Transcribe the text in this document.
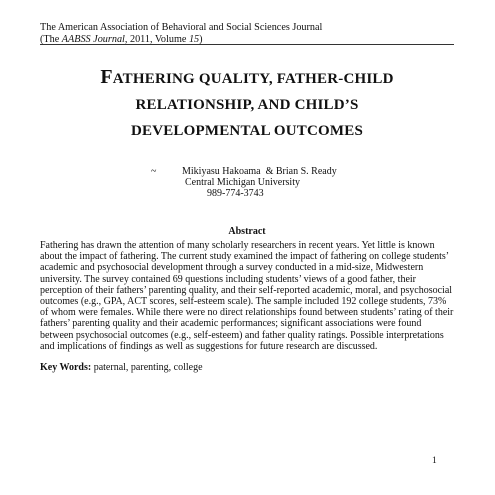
The American Association of Behavioral and Social Sciences Journal
(The AABSS Journal, 2011, Volume 15)
FATHERING QUALITY, FATHER-CHILD
RELATIONSHIP, AND CHILD’S
DEVELOPMENTAL OUTCOMES
~	Mikiyasu Hakoama & Brian S. Ready
Central Michigan University
989-774-3743
Abstract
Fathering has drawn the attention of many scholarly researchers in recent years. Yet little is known about the impact of fathering. The current study examined the impact of fathering on college students’ academic and psychosocial development through a survey conducted in a mid-size, Midwestern university. The survey contained 69 questions including students’ views of a good father, their perception of their fathers’ parenting quality, and their self-reported academic, moral, and psychosocial outcomes (e.g., GPA, ACT scores, self-esteem scale). The sample included 192 college students, 73% of whom were females. While there were no direct relationships found between students’ rating of their fathers’ parenting quality and their academic performances; significant associations were found between psychosocial outcomes (e.g., self-esteem) and father quality ratings. Possible interpretations and implications of findings as well as suggestions for future research are discussed.
Key Words: paternal, parenting, college
1
